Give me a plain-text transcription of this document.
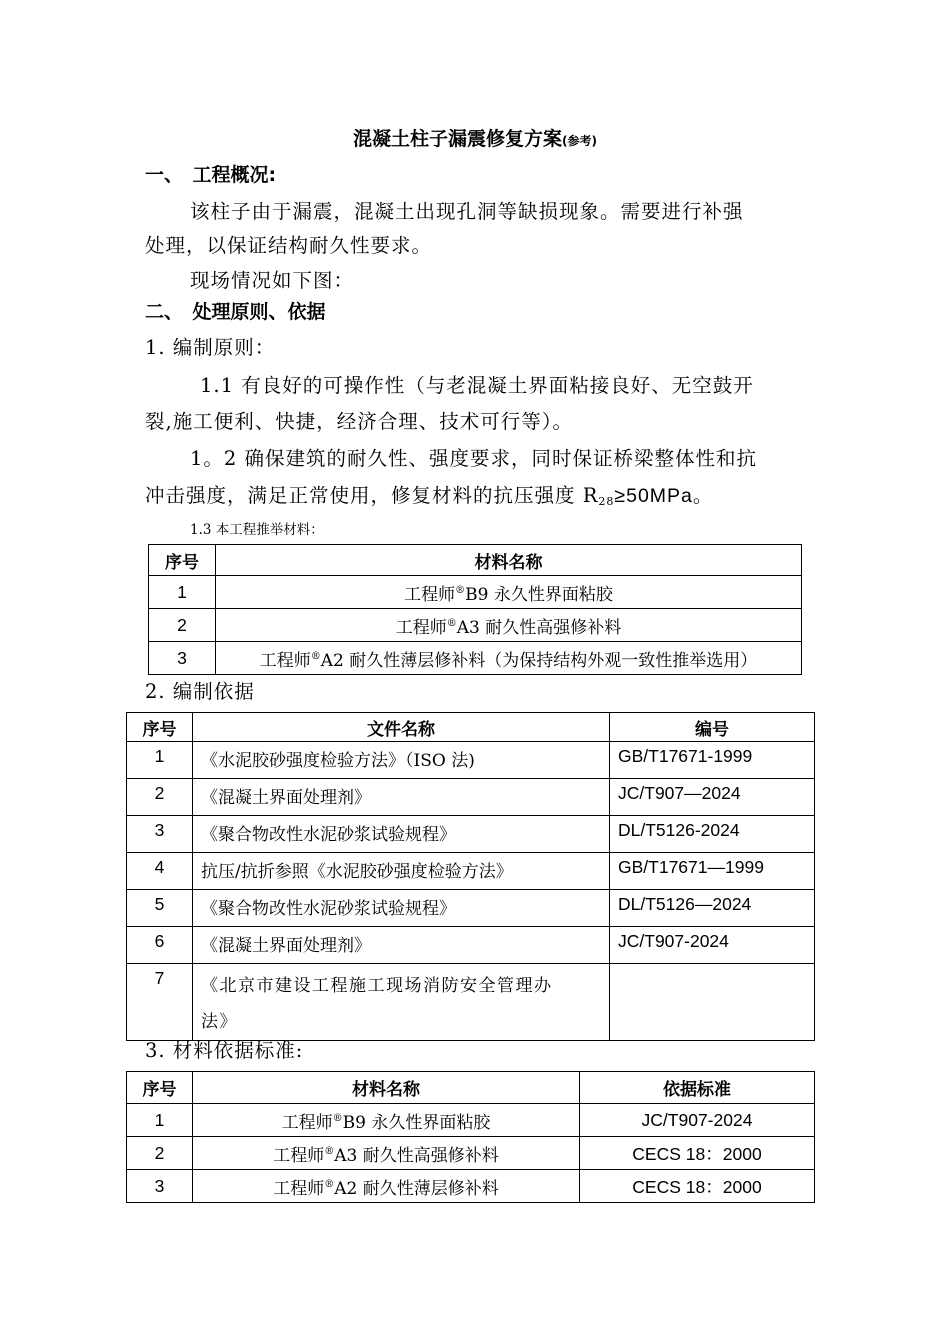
混凝土柱子漏震修复方案(参考)
一、　工程概况:
该柱子由于漏震，混凝土出现孔洞等缺损现象。需要进行补强
处理，以保证结构耐久性要求。
现场情况如下图：
二、　处理原则、依据
1. 编制原则：
1.1 有良好的可操作性（与老混凝土界面粘接良好、无空鼓开
裂,施工便利、快捷，经济合理、技术可行等）。
1。2 确保建筑的耐久性、强度要求，同时保证桥梁整体性和抗
冲击强度，满足正常使用，修复材料的抗压强度 $R_{28}\ge 50MPa$。
1.3 本工程推举材料：
序号	材料名称
1	工程师®B9 永久性界面粘胶
2	工程师®A3 耐久性高强修补料
3	工程师®A2 耐久性薄层修补料（为保持结构外观一致性推举选用）
2. 编制依据
序号	文件名称	编号
1	《水泥胶砂强度检验方法》（ISO 法)	GB/T17671-1999
2	《混凝土界面处理剂》	JC/T907—2024
3	《聚合物改性水泥砂浆试验规程》	DL/T5126-2024
4	抗压/抗折参照《水泥胶砂强度检验方法》	GB/T17671—1999
5	《聚合物改性水泥砂浆试验规程》	DL/T5126—2024
6	《混凝土界面处理剂》	JC/T907-2024
7	《北京市建设工程施工现场消防安全管理办
法》	

3. 材料依据标准:
序号	材料名称	依据标准
1	工程师®B9 永久性界面粘胶	JC/T907-2024
2	工程师®A3 耐久性高强修补料	CECS 18：2000
3	工程师®A2 耐久性薄层修补料	CECS 18：2000
